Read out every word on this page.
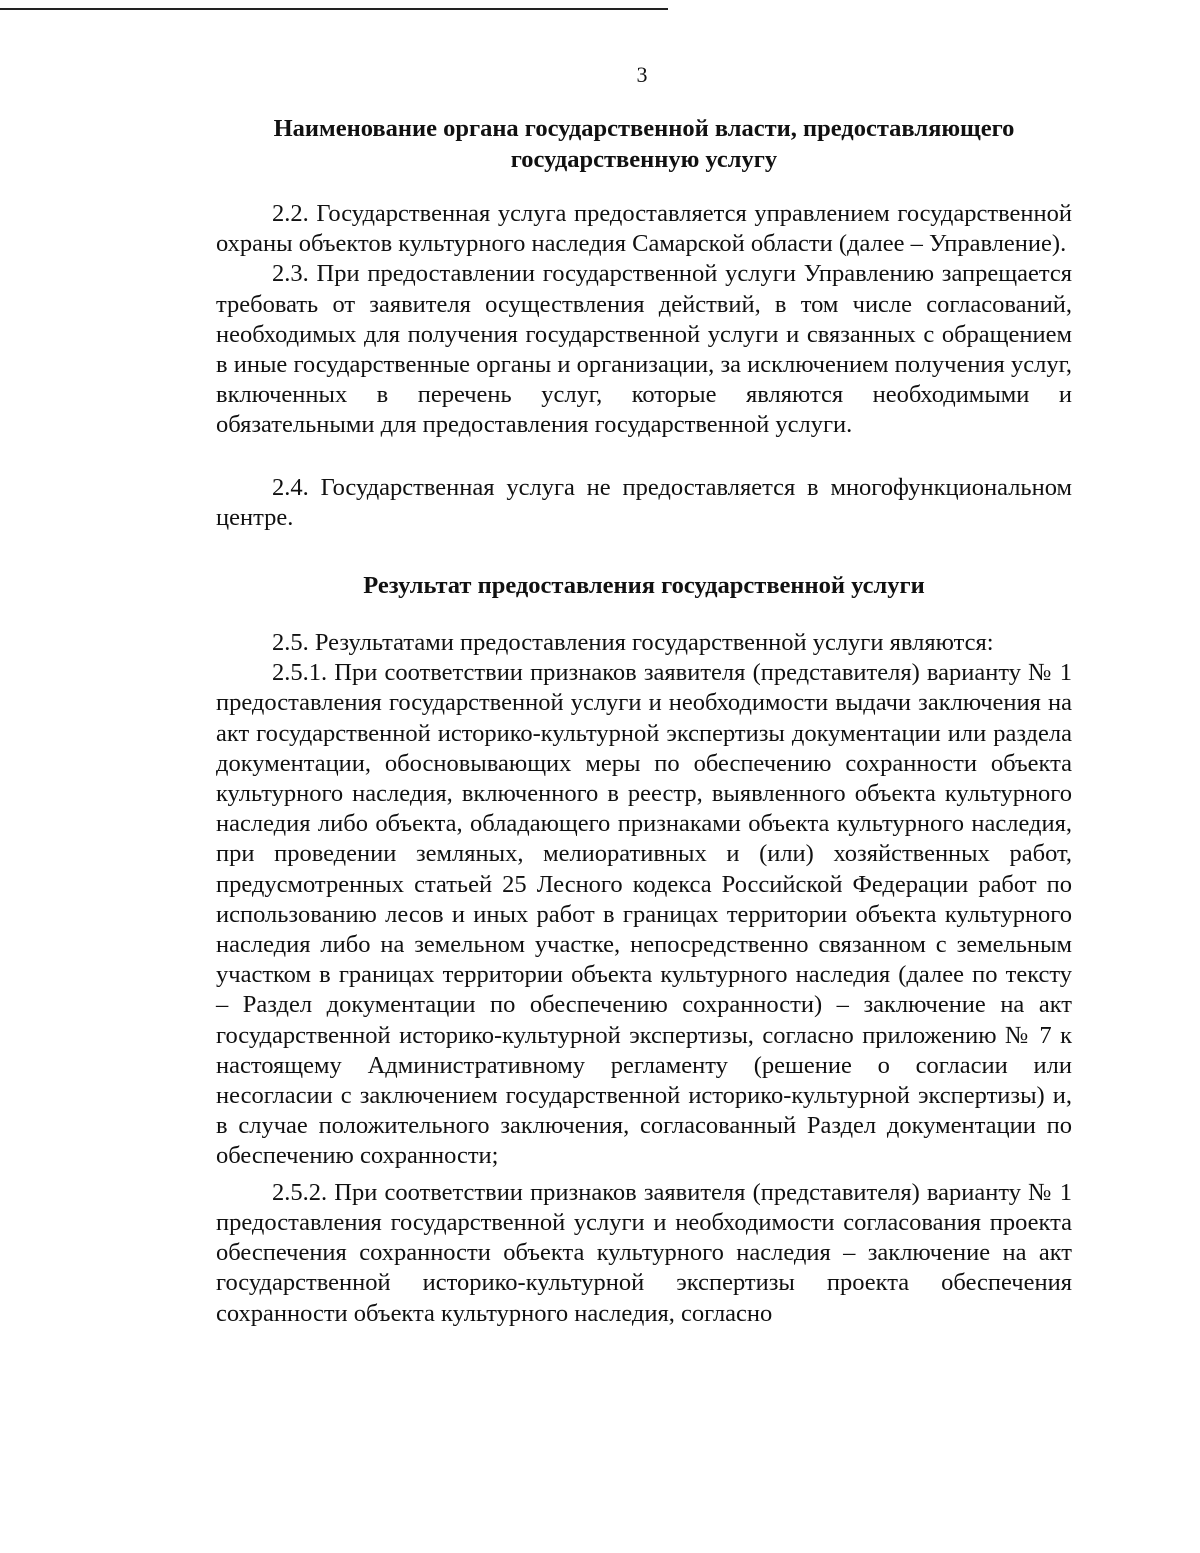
3
Наименование органа государственной власти, предоставляющего
государственную услугу

2.2. Государственная услуга предоставляется управлением государственной охраны объектов культурного наследия Самарской области (далее – Управление).

2.3. При предоставлении государственной услуги Управлению запрещается требовать от заявителя осуществления действий, в том числе согласований, необходимых для получения государственной услуги и связанных с обращением в иные государственные органы и организации, за исключением получения услуг, включенных в перечень услуг, которые являются необходимыми и обязательными для предоставления государственной услуги.

2.4. Государственная услуга не предоставляется в многофункциональном центре.

Результат предоставления государственной услуги

2.5. Результатами предоставления государственной услуги являются:

2.5.1. При соответствии признаков заявителя (представителя) варианту № 1 предоставления государственной услуги и необходимости выдачи заключения на акт государственной историко-культурной экспертизы документации или раздела документации, обосновывающих меры по обеспечению сохранности объекта культурного наследия, включенного в реестр, выявленного объекта культурного наследия либо объекта, обладающего признаками объекта культурного наследия, при проведении земляных, мелиоративных и (или) хозяйственных работ, предусмотренных статьей 25 Лесного кодекса Российской Федерации работ по использованию лесов и иных работ в границах территории объекта культурного наследия либо на земельном участке, непосредственно связанном с земельным участком в границах территории объекта культурного наследия (далее по тексту – Раздел документации по обеспечению сохранности) – заключение на акт государственной историко-культурной экспертизы, согласно приложению № 7 к настоящему Административному регламенту (решение о согласии или несогласии с заключением государственной историко-культурной экспертизы) и, в случае положительного заключения, согласованный Раздел документации по обеспечению сохранности;

2.5.2. При соответствии признаков заявителя (представителя) варианту № 1 предоставления государственной услуги и необходимости согласования проекта обеспечения сохранности объекта культурного наследия – заключение на акт государственной историко-культурной экспертизы проекта обеспечения сохранности объекта культурного наследия, согласно
